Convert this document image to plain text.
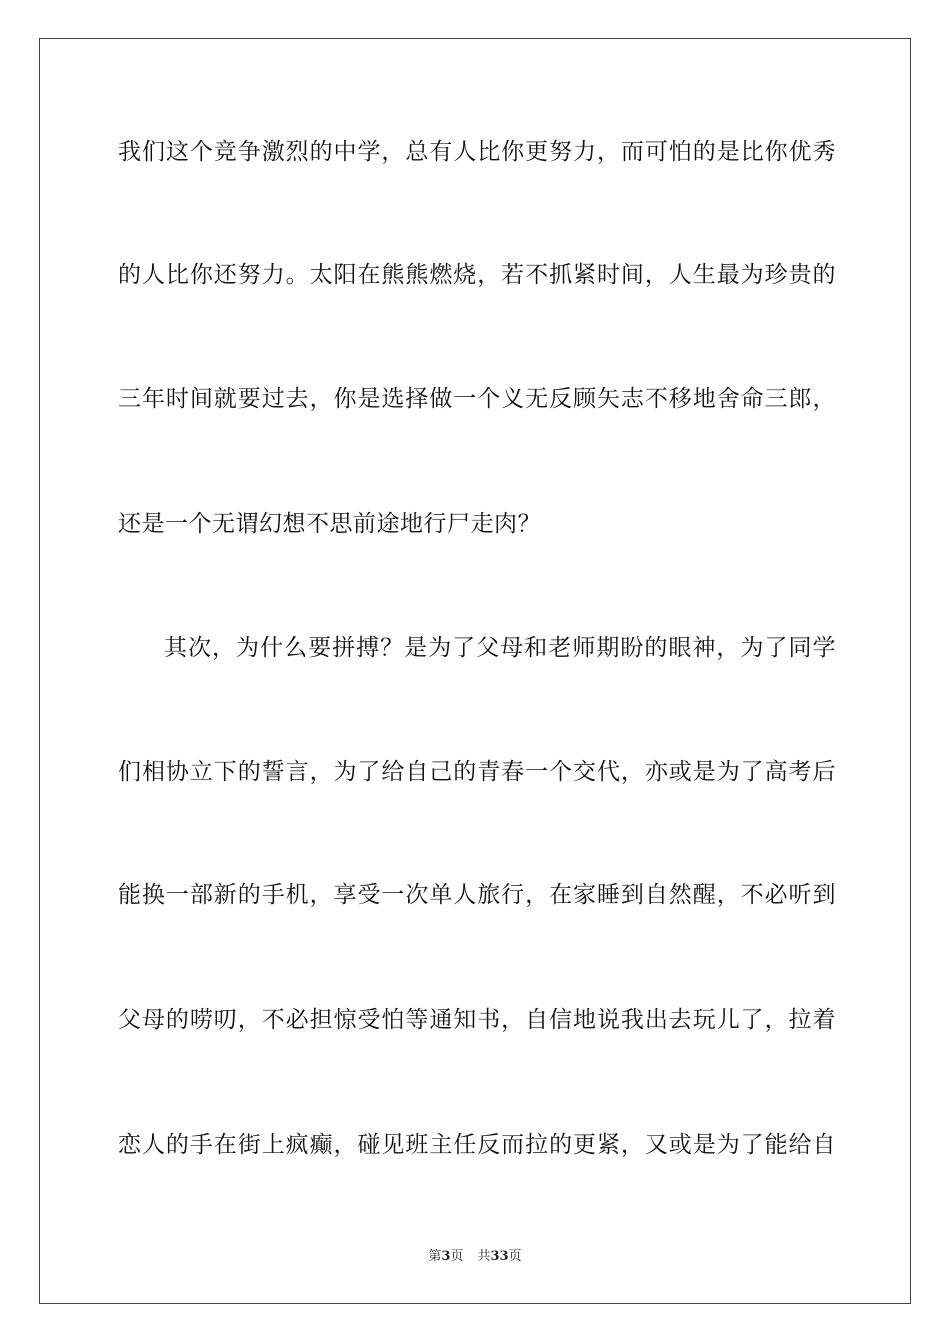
我们这个竞争激烈的中学，总有人比你更努力，而可怕的是比你优秀
的人比你还努力。太阳在熊熊燃烧，若不抓紧时间，人生最为珍贵的
三年时间就要过去，你是选择做一个义无反顾矢志不移地舍命三郎，
还是一个无谓幻想不思前途地行尸走肉？
其次，为什么要拼搏？是为了父母和老师期盼的眼神，为了同学
们相协立下的誓言，为了给自己的青春一个交代，亦或是为了高考后
能换一部新的手机，享受一次单人旅行，在家睡到自然醒，不必听到
父母的唠叨，不必担惊受怕等通知书，自信地说我出去玩儿了，拉着
恋人的手在街上疯癫，碰见班主任反而拉的更紧，又或是为了能给自
第3页 共33页
